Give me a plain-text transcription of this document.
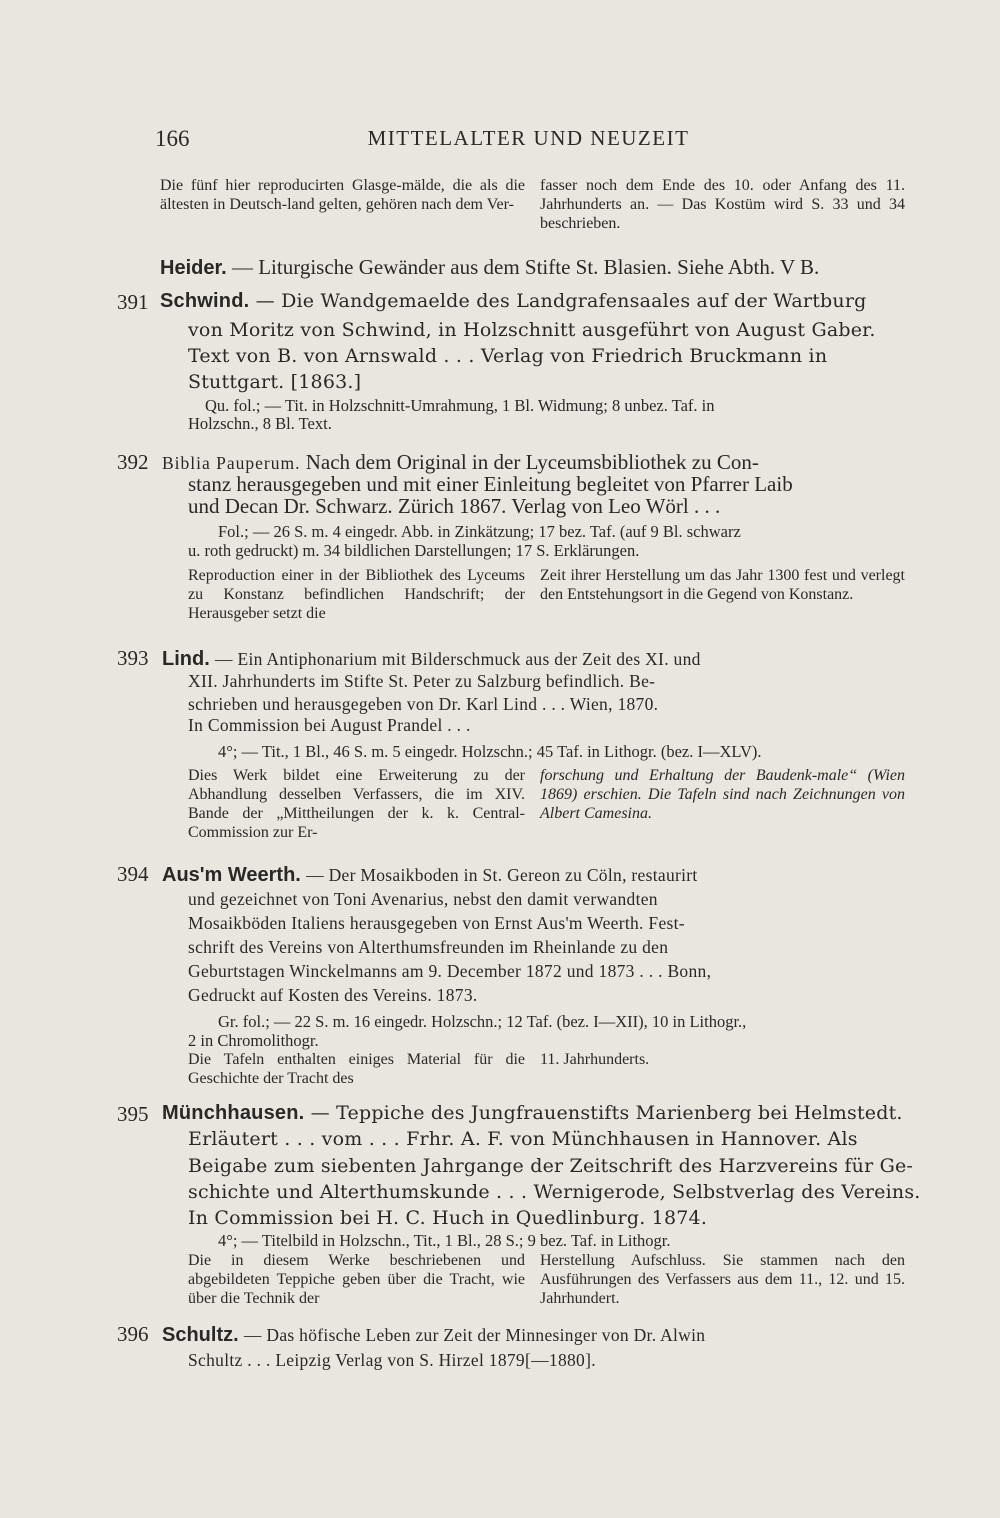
166	MITTELALTER UND NEUZEIT
Die fünf hier reproducirten Glasge-mälde, die als die ältesten in Deutsch-land gelten, gehören nach dem Ver-
fasser noch dem Ende des 10. oder Anfang des 11. Jahrhunderts an. — Das Kostüm wird S. 33 und 34 beschrieben.
Heider. — Liturgische Gewänder aus dem Stifte St. Blasien. Siehe Abth. V B.
391 Schwind. — Die Wandgemaelde des Landgrafensaales auf der Wartburg
von Moritz von Schwind, in Holzschnitt ausgeführt von August Gaber.
Text von B. von Arnswald . . . Verlag von Friedrich Bruckmann in
Stuttgart. [1863.]
Qu. fol.; — Tit. in Holzschnitt-Umrahmung, 1 Bl. Widmung; 8 unbez. Taf. in
Holzschn., 8 Bl. Text.
392 Biblia Pauperum. Nach dem Original in der Lyceumsbibliothek zu Con-
stanz herausgegeben und mit einer Einleitung begleitet von Pfarrer Laib
und Decan Dr. Schwarz. Zürich 1867. Verlag von Leo Wörl . . .
Fol.; — 26 S. m. 4 eingedr. Abb. in Zinkätzung; 17 bez. Taf. (auf 9 Bl. schwarz
u. roth gedruckt) m. 34 bildlichen Darstellungen; 17 S. Erklärungen.
Reproduction einer in der Bibliothek des Lyceums zu Konstanz befindlichen Handschrift; der Herausgeber setzt die
Zeit ihrer Herstellung um das Jahr 1300 fest und verlegt den Entstehungsort in die Gegend von Konstanz.
393 Lind. — Ein Antiphonarium mit Bilderschmuck aus der Zeit des XI. und
XII. Jahrhunderts im Stifte St. Peter zu Salzburg befindlich. Be-
schrieben und herausgegeben von Dr. Karl Lind . . . Wien, 1870.
In Commission bei August Prandel . . .
4°; — Tit., 1 Bl., 46 S. m. 5 eingedr. Holzschn.; 45 Taf. in Lithogr. (bez. I—XLV).
Dies Werk bildet eine Erweiterung zu der Abhandlung desselben Verfassers, die im XIV. Bande der „Mittheilungen der k. k. Central-Commission zur Er-
forschung und Erhaltung der Baudenk-male“ (Wien 1869) erschien. Die Tafeln sind nach Zeichnungen von Albert Camesina.
394 Aus'm Weerth. — Der Mosaikboden in St. Gereon zu Cöln, restaurirt
und gezeichnet von Toni Avenarius, nebst den damit verwandten
Mosaikböden Italiens herausgegeben von Ernst Aus'm Weerth. Fest-
schrift des Vereins von Alterthumsfreunden im Rheinlande zu den
Geburtstagen Winckelmanns am 9. December 1872 und 1873 . . . Bonn,
Gedruckt auf Kosten des Vereins. 1873.
Gr. fol.; — 22 S. m. 16 eingedr. Holzschn.; 12 Taf. (bez. I—XII), 10 in Lithogr.,
2 in Chromolithogr.
Die Tafeln enthalten einiges Material für die Geschichte der Tracht des
11. Jahrhunderts.
395 Münchhausen. — Teppiche des Jungfrauenstifts Marienberg bei Helmstedt.
Erläutert . . . vom . . . Frhr. A. F. von Münchhausen in Hannover. Als
Beigabe zum siebenten Jahrgange der Zeitschrift des Harzvereins für Ge-
schichte und Alterthumskunde . . . Wernigerode, Selbstverlag des Vereins.
In Commission bei H. C. Huch in Quedlinburg. 1874.
4°; — Titelbild in Holzschn., Tit., 1 Bl., 28 S.; 9 bez. Taf. in Lithogr.
Die in diesem Werke beschriebenen und abgebildeten Teppiche geben über die Tracht, wie über die Technik der
Herstellung Aufschluss. Sie stammen nach den Ausführungen des Verfassers aus dem 11., 12. und 15. Jahrhundert.
396 Schultz. — Das höfische Leben zur Zeit der Minnesinger von Dr. Alwin
Schultz . . . Leipzig Verlag von S. Hirzel 1879[—1880].
